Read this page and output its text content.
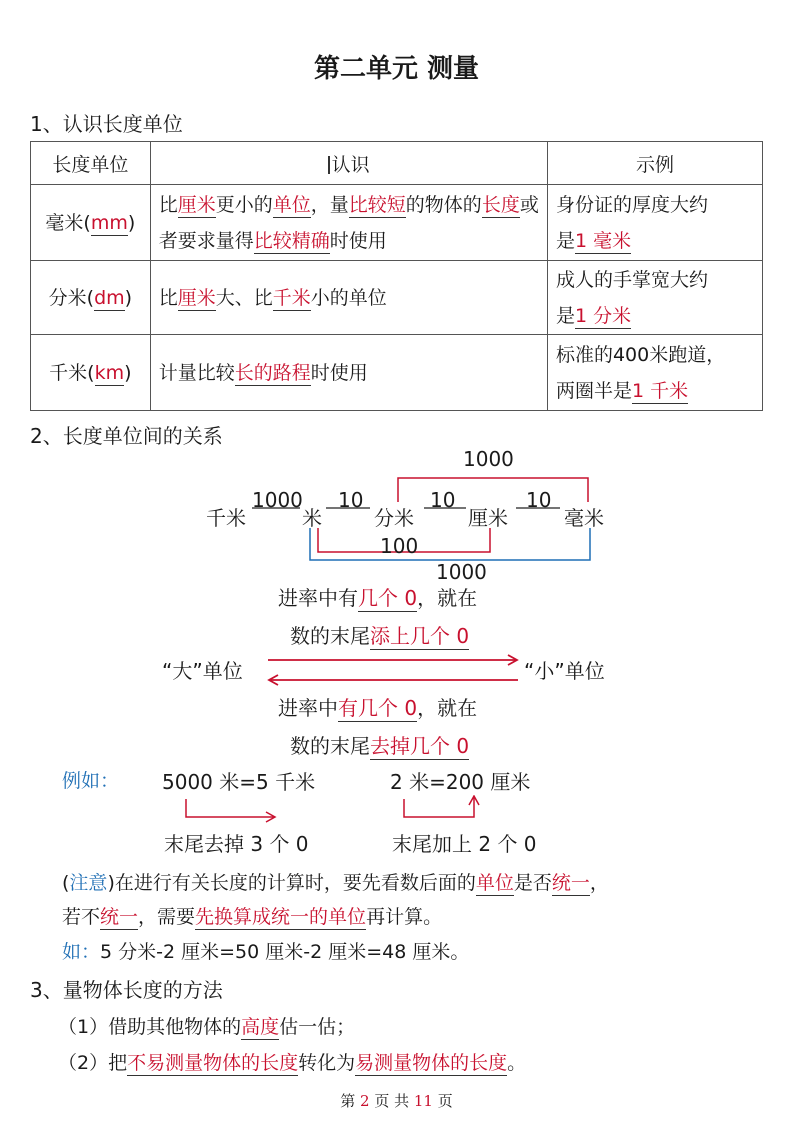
第二单元 测量
1、认识长度单位
长度单位	认识	示例
毫米(mm)	比厘米更小的单位，量比较短的物体的长度或者要求量得比较精确时使用	身份证的厚度大约
是1 毫米
分米(dm)	比厘米大、比千米小的单位	成人的手掌宽大约
是1 分米
千米(km)	计量比较长的路程时使用	标准的400米跑道，
两圈半是1 千米
2、长度单位间的关系
1000
千米
1000
米
10
分米
10
厘米
10
毫米
100
1000
进率中有几个 0，就在
数的末尾添上几个 0
“大”单位	“小”单位
进率中有几个 0，就在
数的末尾去掉几个 0
例如： 5000 米=5 千米	2 米=200 厘米
末尾去掉 3 个 0	末尾加上 2 个 0
(注意)在进行有关长度的计算时，要先看数后面的单位是否统一，
若不统一，需要先换算成统一的单位再计算。
如：5 分米-2 厘米=50 厘米-2 厘米=48 厘米。
3、量物体长度的方法
（1）借助其他物体的高度估一估；
（2）把不易测量物体的长度转化为易测量物体的长度。
第 2 页 共 11 页
